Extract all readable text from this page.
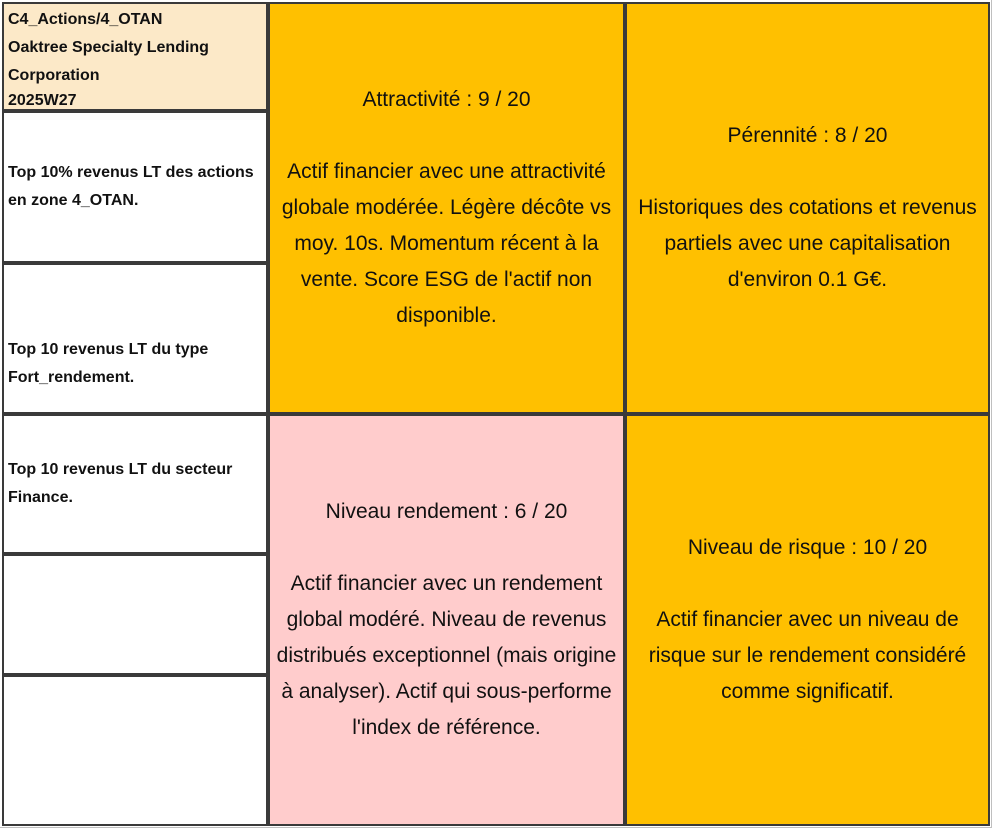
C4_Actions/4_OTAN
Oaktree Specialty Lending
Corporation
2025W27
Top 10% revenus LT des actions en zone 4_OTAN.
Top 10 revenus LT du type Fort_rendement.
Top 10 revenus LT du secteur Finance.
Attractivité : 9 / 20
Actif financier avec une attractivité globale modérée. Légère décôte vs moy. 10s. Momentum récent à la vente. Score ESG de l'actif non disponible.
Pérennité : 8 / 20
Historiques des cotations et revenus partiels avec une capitalisation d'environ 0.1 G€.
Niveau rendement : 6 / 20
Actif financier avec un rendement global modéré. Niveau de revenus distribués exceptionnel (mais origine à analyser). Actif qui sous-performe l'index de référence.
Niveau de risque : 10 / 20
Actif financier avec un niveau de risque sur le rendement considéré comme significatif.
